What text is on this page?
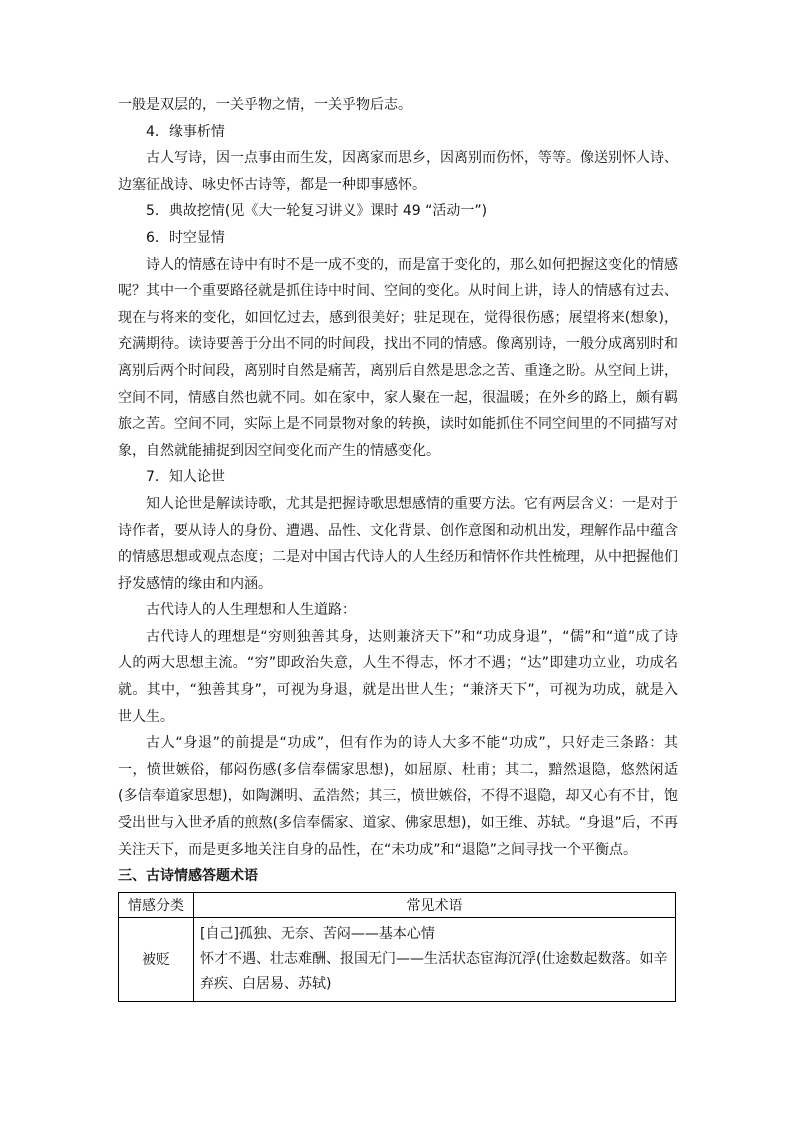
一般是双层的，一关乎物之情，一关乎物后志。

4．缘事析情

古人写诗，因一点事由而生发，因离家而思乡，因离别而伤怀，等等。像送别怀人诗、边塞征战诗、咏史怀古诗等，都是一种即事感怀。

5．典故挖情(见《大一轮复习讲义》课时 49 “活动一”)

6．时空显情

诗人的情感在诗中有时不是一成不变的，而是富于变化的，那么如何把握这变化的情感呢？其中一个重要路径就是抓住诗中时间、空间的变化。从时间上讲，诗人的情感有过去、现在与将来的变化，如回忆过去，感到很美好；驻足现在，觉得很伤感；展望将来(想象)，充满期待。读诗要善于分出不同的时间段，找出不同的情感。像离别诗，一般分成离别时和离别后两个时间段，离别时自然是痛苦，离别后自然是思念之苦、重逢之盼。从空间上讲，空间不同，情感自然也就不同。如在家中，家人聚在一起，很温暖；在外乡的路上，颇有羁旅之苦。空间不同，实际上是不同景物对象的转换，读时如能抓住不同空间里的不同描写对象，自然就能捕捉到因空间变化而产生的情感变化。

7．知人论世

知人论世是解读诗歌，尤其是把握诗歌思想感情的重要方法。它有两层含义：一是对于诗作者，要从诗人的身份、遭遇、品性、文化背景、创作意图和动机出发，理解作品中蕴含的情感思想或观点态度；二是对中国古代诗人的人生经历和情怀作共性梳理，从中把握他们抒发感情的缘由和内涵。

古代诗人的人生理想和人生道路：

古代诗人的理想是“穷则独善其身，达则兼济天下”和“功成身退”，“儒”和“道”成了诗人的两大思想主流。“穷”即政治失意，人生不得志，怀才不遇；“达”即建功立业，功成名就。其中，“独善其身”，可视为身退，就是出世人生；“兼济天下”，可视为功成，就是入世人生。

古人“身退”的前提是“功成”，但有作为的诗人大多不能“功成”，只好走三条路：其一，愤世嫉俗，郁闷伤感(多信奉儒家思想)，如屈原、杜甫；其二，黯然退隐，悠然闲适(多信奉道家思想)，如陶渊明、孟浩然；其三，愤世嫉俗，不得不退隐，却又心有不甘，饱受出世与入世矛盾的煎熬(多信奉儒家、道家、佛家思想)，如王维、苏轼。“身退”后，不再关注天下，而是更多地关注自身的品性，在“未功成”和“退隐”之间寻找一个平衡点。

三、古诗情感答题术语

情感分类	常见术语
被贬	[自己]孤独、无奈、苦闷——基本心情
怀才不遇、壮志难酬、报国无门——生活状态宦海沉浮(仕途数起数落。如辛弃疾、白居易、苏轼)
